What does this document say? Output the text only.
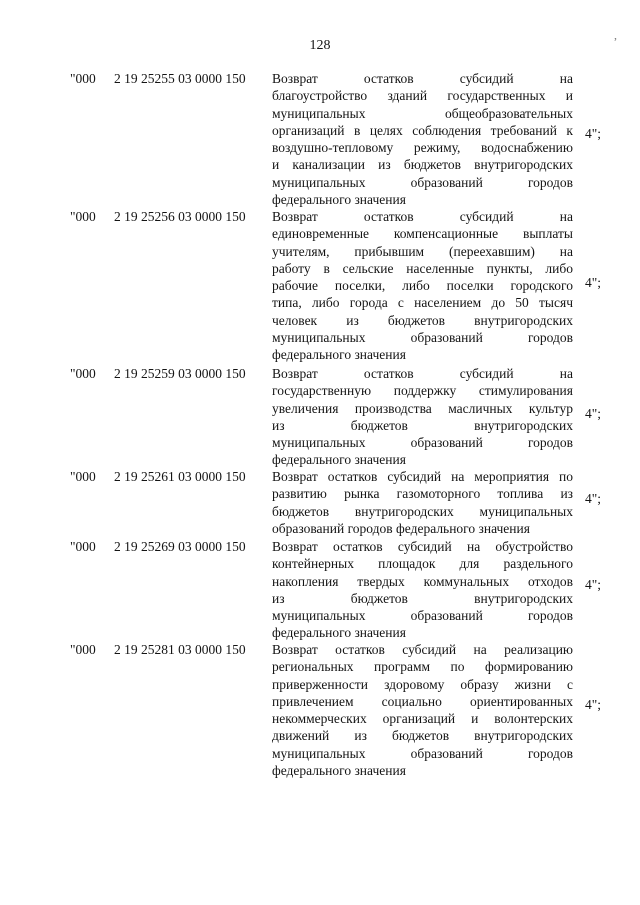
128
"000 2 19 25255 03 0000 150 Возврат остатков субсидий на
благоустройство зданий государственных и
муниципальных общеобразовательных
организаций в целях соблюдения требований к
воздушно-тепловому режиму, водоснабжению
и канализации из бюджетов внутригородских
муниципальных образований городов
федерального значения
4";
"000 2 19 25256 03 0000 150 Возврат остатков субсидий на
единовременные компенсационные выплаты
учителям, прибывшим (переехавшим) на
работу в сельские населенные пункты, либо
рабочие поселки, либо поселки городского
типа, либо города с населением до 50 тысяч
человек из бюджетов внутригородских
муниципальных образований городов
федерального значения
4";
"000 2 19 25259 03 0000 150 Возврат остатков субсидий на
государственную поддержку стимулирования
увеличения производства масличных культур
из бюджетов внутригородских
муниципальных образований городов
федерального значения
4";
"000 2 19 25261 03 0000 150 Возврат остатков субсидий на мероприятия по
развитию рынка газомоторного топлива из
бюджетов внутригородских муниципальных
образований городов федерального значения
4";
"000 2 19 25269 03 0000 150 Возврат остатков субсидий на обустройство
контейнерных площадок для раздельного
накопления твердых коммунальных отходов
из бюджетов внутригородских
муниципальных образований городов
федерального значения
4";
"000 2 19 25281 03 0000 150 Возврат остатков субсидий на реализацию
региональных программ по формированию
приверженности здоровому образу жизни с
привлечением социально ориентированных
некоммерческих организаций и волонтерских
движений из бюджетов внутригородских
муниципальных образований городов
федерального значения
4";
,
